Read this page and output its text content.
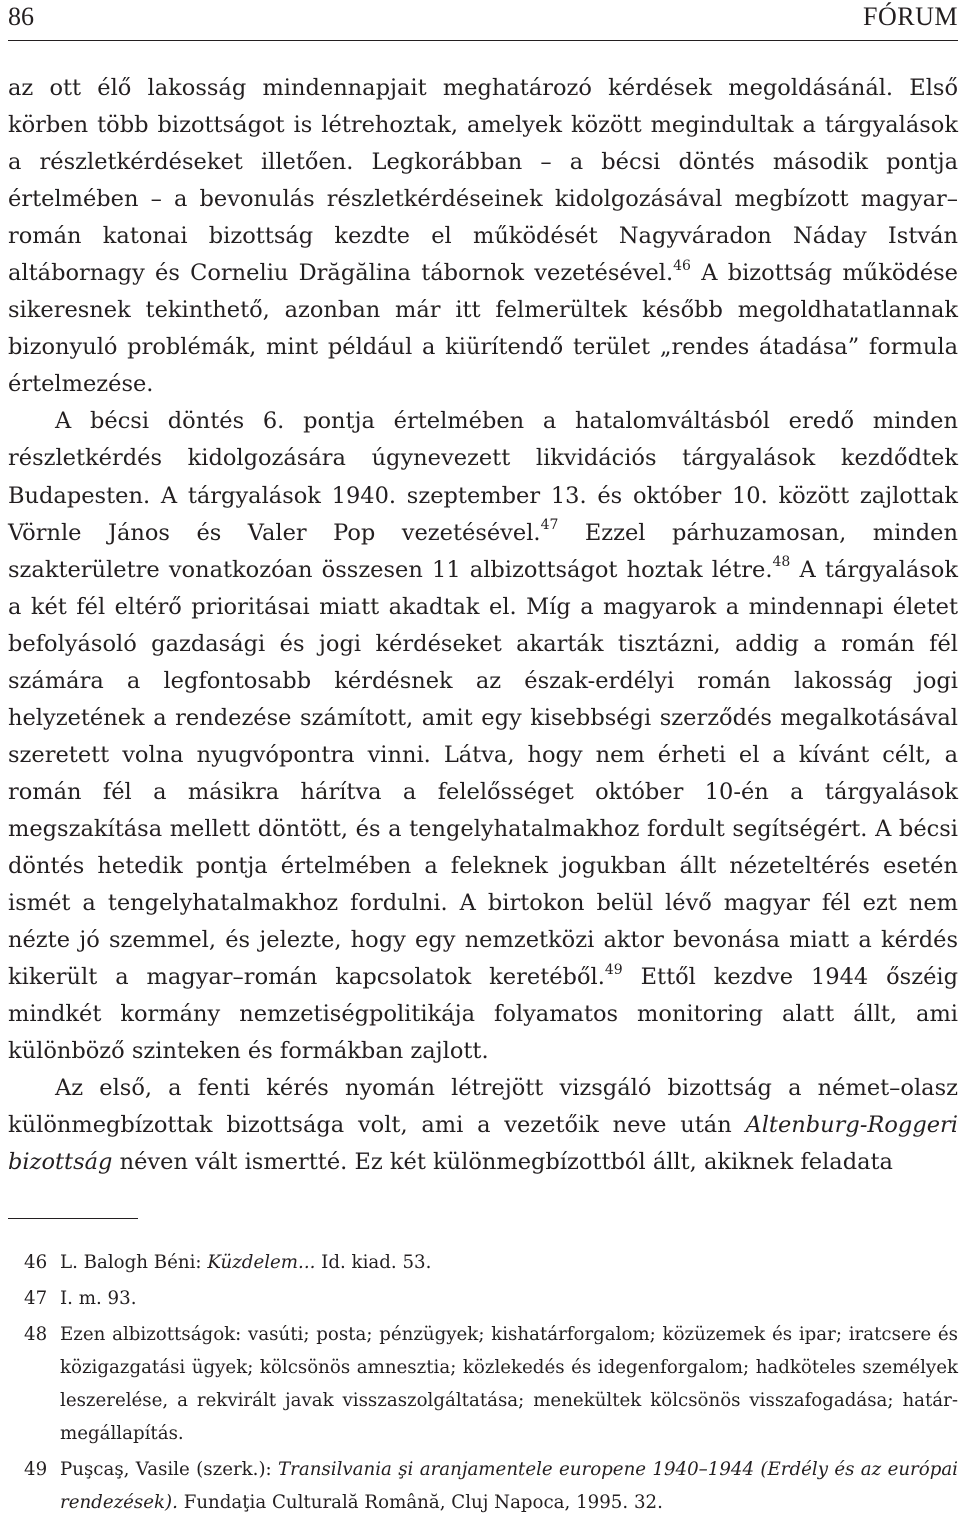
86	FÓRUM

az ott élő lakosság mindennapjait meghatározó kérdések megoldásánál. Első körben több bizottságot is létrehoztak, amelyek között megindultak a tárgyalások a részletkérdéseket illetően. Legkorábban – a bécsi döntés második pontja értelmében – a bevonulás részletkérdéseinek kidolgozásával megbízott magyar–román katonai bizottság kezdte el működését Nagyváradon Náday István altábornagy és Corneliu Drăgălina tábornok vezetésével.$^{46}$ A bizottság működése sikeresnek tekinthető, azonban már itt felmerültek később megoldhatatlannak bizonyuló problémák, mint például a kiürítendő terület „rendes átadása” formula értelmezése.

A bécsi döntés 6. pontja értelmében a hatalomváltásból eredő minden részletkérdés kidolgozására úgynevezett likvidációs tárgyalások kezdődtek Budapesten. A tárgyalások 1940. szeptember 13. és október 10. között zajlottak Vörnle János és Valer Pop vezetésével.$^{47}$ Ezzel párhuzamosan, minden szakterületre vonatkozóan összesen 11 albizottságot hoztak létre.$^{48}$ A tárgyalások a két fél eltérő prioritásai miatt akadtak el. Míg a magyarok a mindennapi életet befolyásoló gazdasági és jogi kérdéseket akarták tisztázni, addig a román fél számára a legfontosabb kérdésnek az észak-erdélyi román lakosság jogi helyzetének a rendezése számított, amit egy kisebbségi szerződés megalkotásával szeretett volna nyugvópontra vinni. Látva, hogy nem érheti el a kívánt célt, a román fél a másikra hárítva a felelősséget október 10-én a tárgyalások megszakítása mellett döntött, és a tengelyhatalmakhoz fordult segítségért. A bécsi döntés hetedik pontja értelmében a feleknek jogukban állt nézeteltérés esetén ismét a tengelyhatalmakhoz fordulni. A birtokon belül lévő magyar fél ezt nem nézte jó szemmel, és jelezte, hogy egy nemzetközi aktor bevonása miatt a kérdés kikerült a magyar–román kapcsolatok keretéből.$^{49}$ Ettől kezdve 1944 őszéig mindkét kormány nemzetiségpolitikája folyamatos monitoring alatt állt, ami különböző szinteken és formákban zajlott.

Az első, a fenti kérés nyomán létrejött vizsgáló bizottság a német–olasz különmegbízottak bizottsága volt, ami a vezetőik neve után Altenburg-Roggeri bizottság néven vált ismertté. Ez két különmegbízottból állt, akiknek feladata

46 L. Balogh Béni: Küzdelem... Id. kiad. 53.
47 I. m. 93.
48 Ezen albizottságok: vasúti; posta; pénzügyek; kishatárforgalom; közüzemek és ipar; iratcsere és közigazgatási ügyek; kölcsönös amnesztia; közlekedés és idegenforgalom; hadköteles személyek leszerelése, a rekvirált javak visszaszolgáltatása; menekültek kölcsönös visszafogadása; határ-megállapítás.
49 Puşcaş, Vasile (szerk.): Transilvania şi aranjamentele europene 1940–1944 (Erdély és az európai rendezések). Fundaţia Culturală Română, Cluj Napoca, 1995. 32.
